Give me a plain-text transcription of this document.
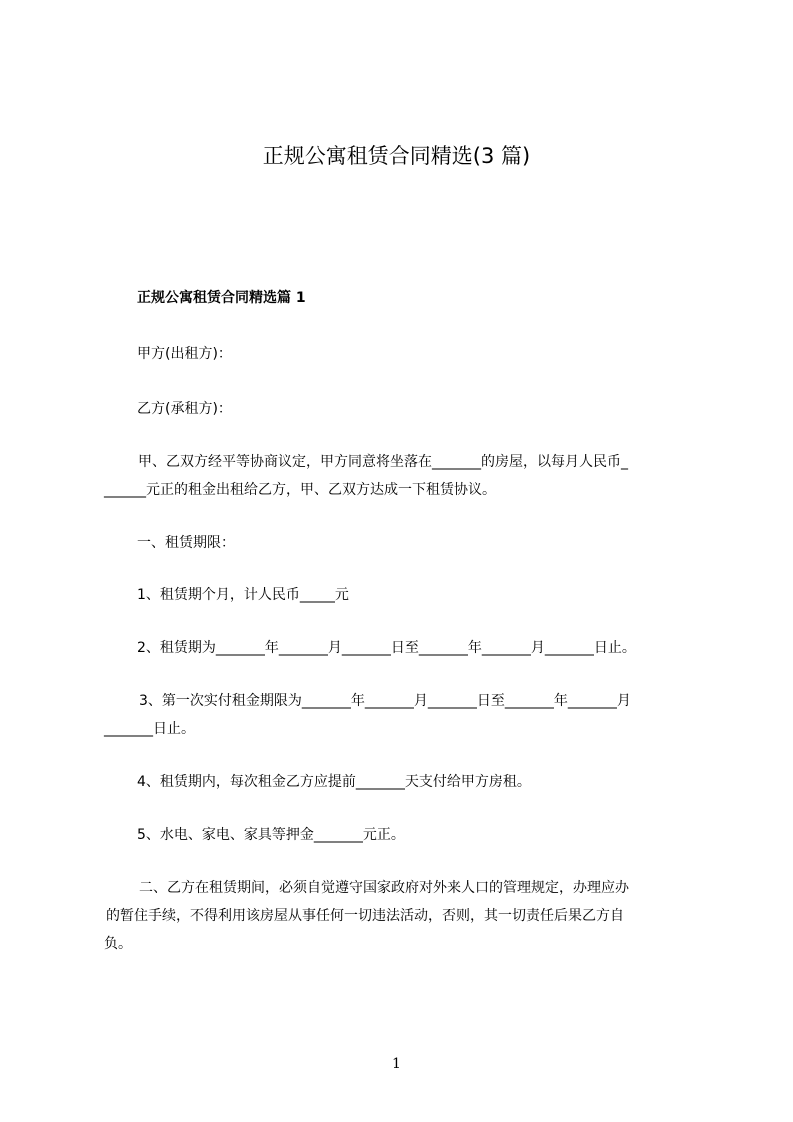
正规公寓租赁合同精选(3 篇)
正规公寓租赁合同精选篇 1
甲方(出租方)：
乙方(承租方)：
甲、乙双方经平等协商议定，甲方同意将坐落在_______的房屋，以每月人民币_
______元正的租金出租给乙方，甲、乙双方达成一下租赁协议。
一、租赁期限：
1、租赁期个月，计人民币_____元
2、租赁期为_______年_______月_______日至_______年_______月_______日止。
3、第一次实付租金期限为_______年_______月_______日至_______年_______月
_______日止。
4、租赁期内，每次租金乙方应提前_______天支付给甲方房租。
5、水电、家电、家具等押金_______元正。
二、乙方在租赁期间，必须自觉遵守国家政府对外来人口的管理规定，办理应办
的暂住手续，不得利用该房屋从事任何一切违法活动，否则，其一切责任后果乙方自
负。
1
